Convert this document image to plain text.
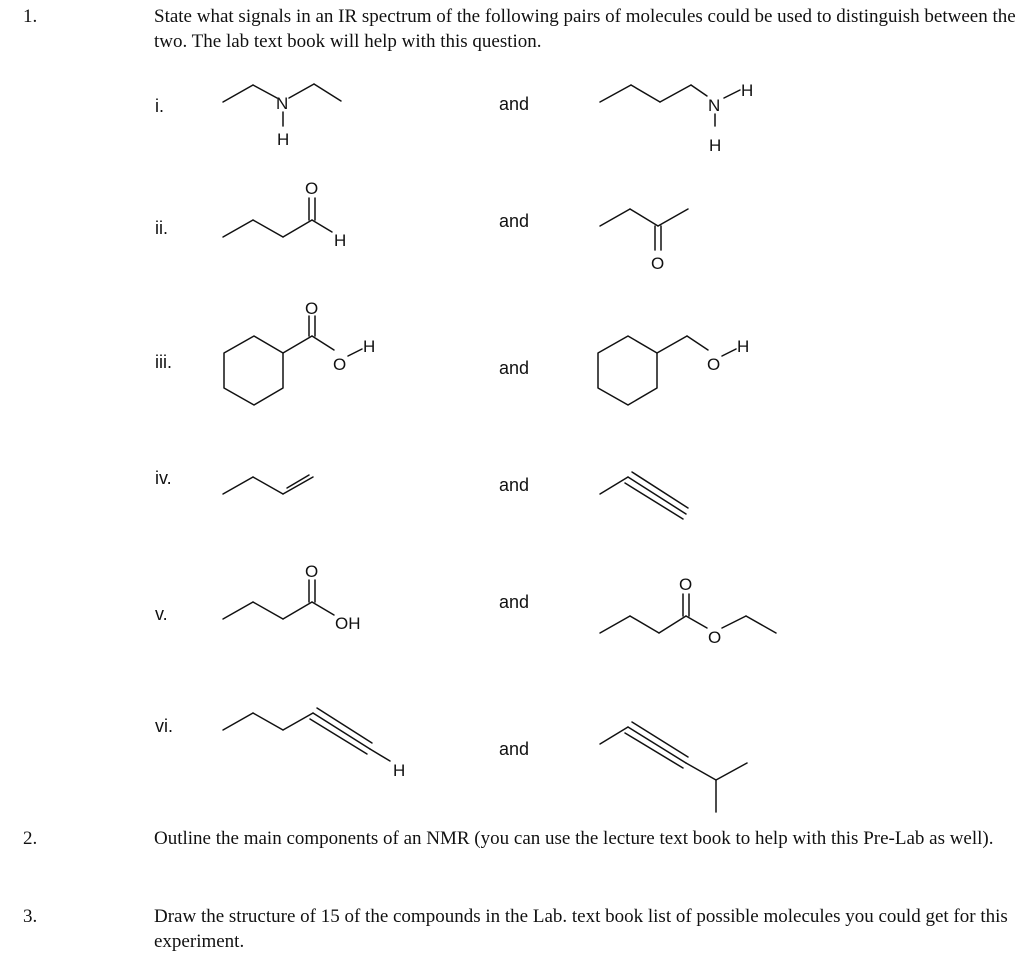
1.	State what signals in an IR spectrum of the following pairs of molecules could be used to distinguish between the two. The lab text book will help with this question.
i.	and
N
H
N
H
H
ii.	and
O
H
O
iii.	and
O
O
H
O
H
iv.	and
v.
and
O
OH
O
O
vi.
and
H
2.	Outline the main components of an NMR (you can use the lecture text book to help with this Pre-Lab as well).
3.	Draw the structure of 15 of the compounds in the Lab. text book list of possible molecules you could get for this experiment.
